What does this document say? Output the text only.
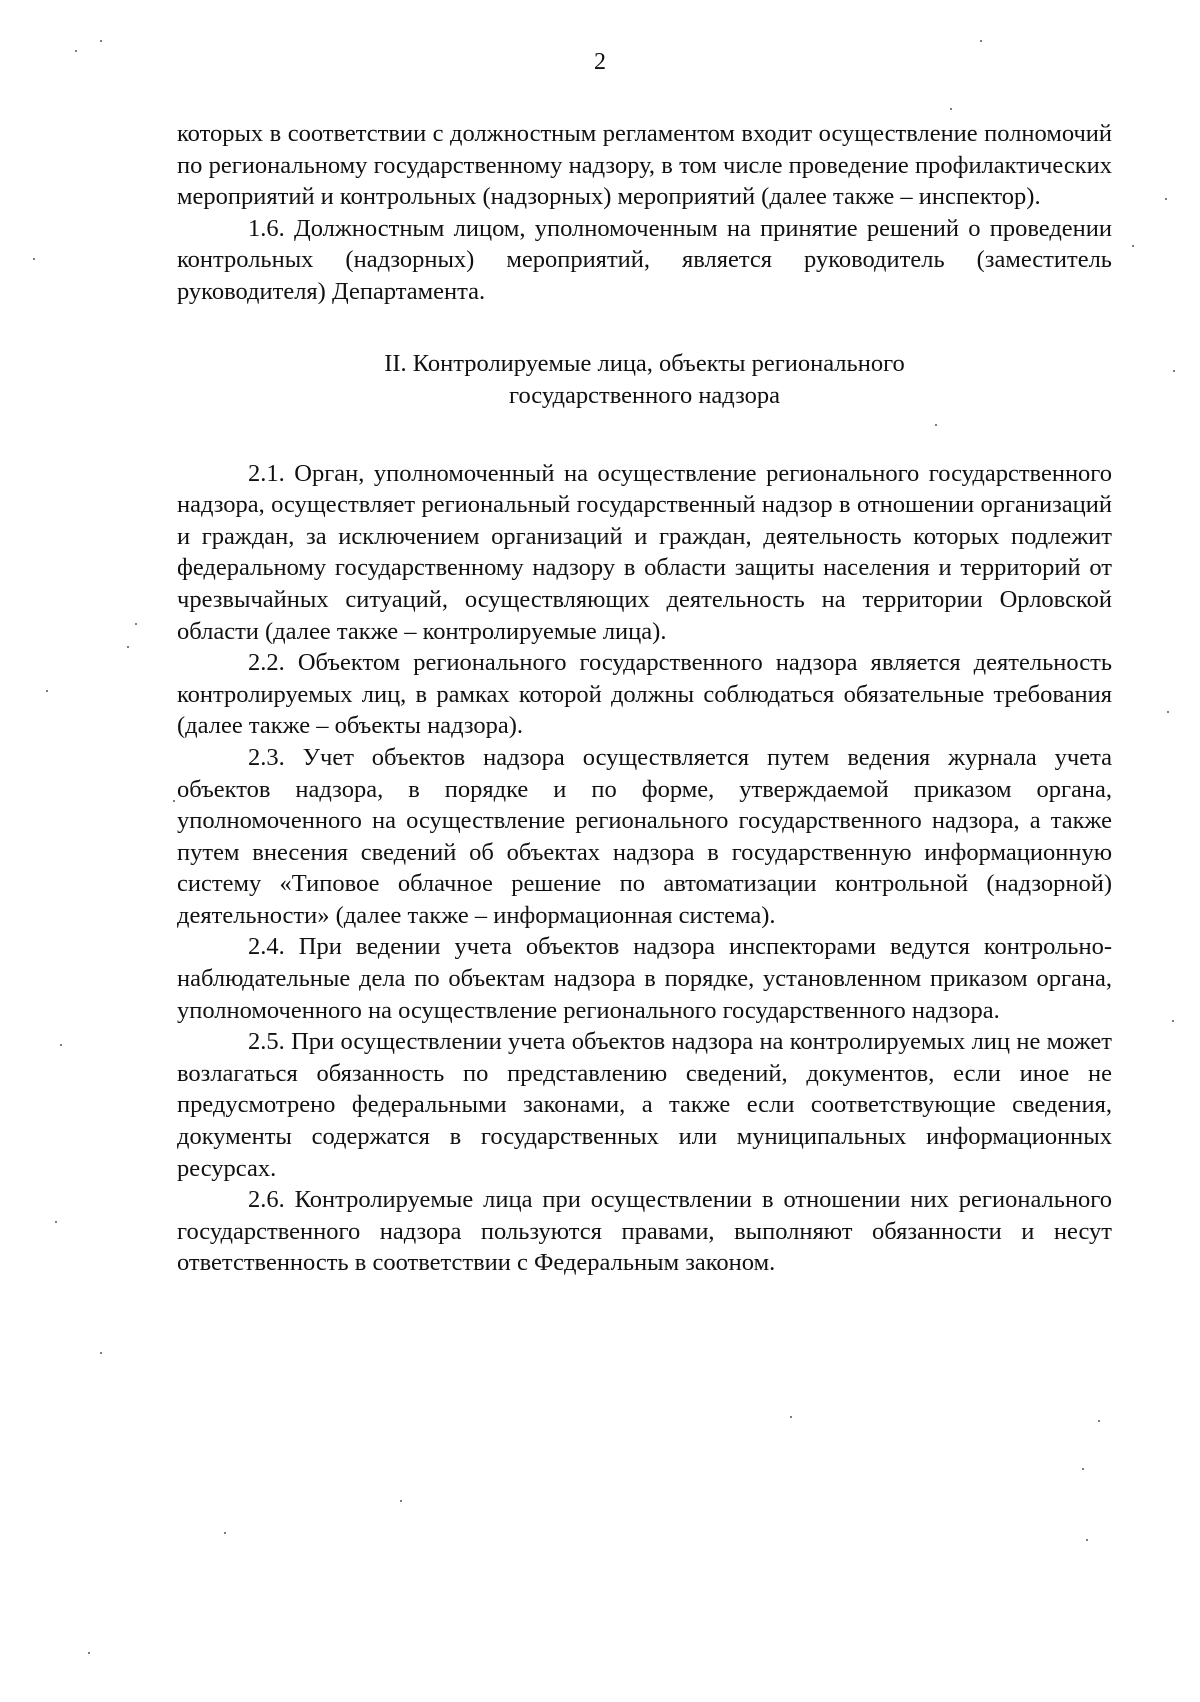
2

которых в соответствии с должностным регламентом входит осуществление полномочий по региональному государственному надзору, в том числе проведение профилактических мероприятий и контрольных (надзорных) мероприятий (далее также – инспектор).

1.6. Должностным лицом, уполномоченным на принятие решений о проведении контрольных (надзорных) мероприятий, является руководитель (заместитель руководителя) Департамента.

II. Контролируемые лица, объекты регионального
государственного надзора

2.1. Орган, уполномоченный на осуществление регионального государственного надзора, осуществляет региональный государственный надзор в отношении организаций и граждан, за исключением организаций и граждан, деятельность которых подлежит федеральному государственному надзору в области защиты населения и территорий от чрезвычайных ситуаций, осуществляющих деятельность на территории Орловской области (далее также – контролируемые лица).

2.2. Объектом регионального государственного надзора является деятельность контролируемых лиц, в рамках которой должны соблюдаться обязательные требования (далее также – объекты надзора).

2.3. Учет объектов надзора осуществляется путем ведения журнала учета объектов надзора, в порядке и по форме, утверждаемой приказом органа, уполномоченного на осуществление регионального государственного надзора, а также путем внесения сведений об объектах надзора в государственную информационную систему «Типовое облачное решение по автоматизации контрольной (надзорной) деятельности» (далее также – информационная система).

2.4. При ведении учета объектов надзора инспекторами ведутся контрольно-наблюдательные дела по объектам надзора в порядке, установленном приказом органа, уполномоченного на осуществление регионального государственного надзора.

2.5. При осуществлении учета объектов надзора на контролируемых лиц не может возлагаться обязанность по представлению сведений, документов, если иное не предусмотрено федеральными законами, а также если соответствующие сведения, документы содержатся в государственных или муниципальных информационных ресурсах.

2.6. Контролируемые лица при осуществлении в отношении них регионального государственного надзора пользуются правами, выполняют обязанности и несут ответственность в соответствии с Федеральным законом.
